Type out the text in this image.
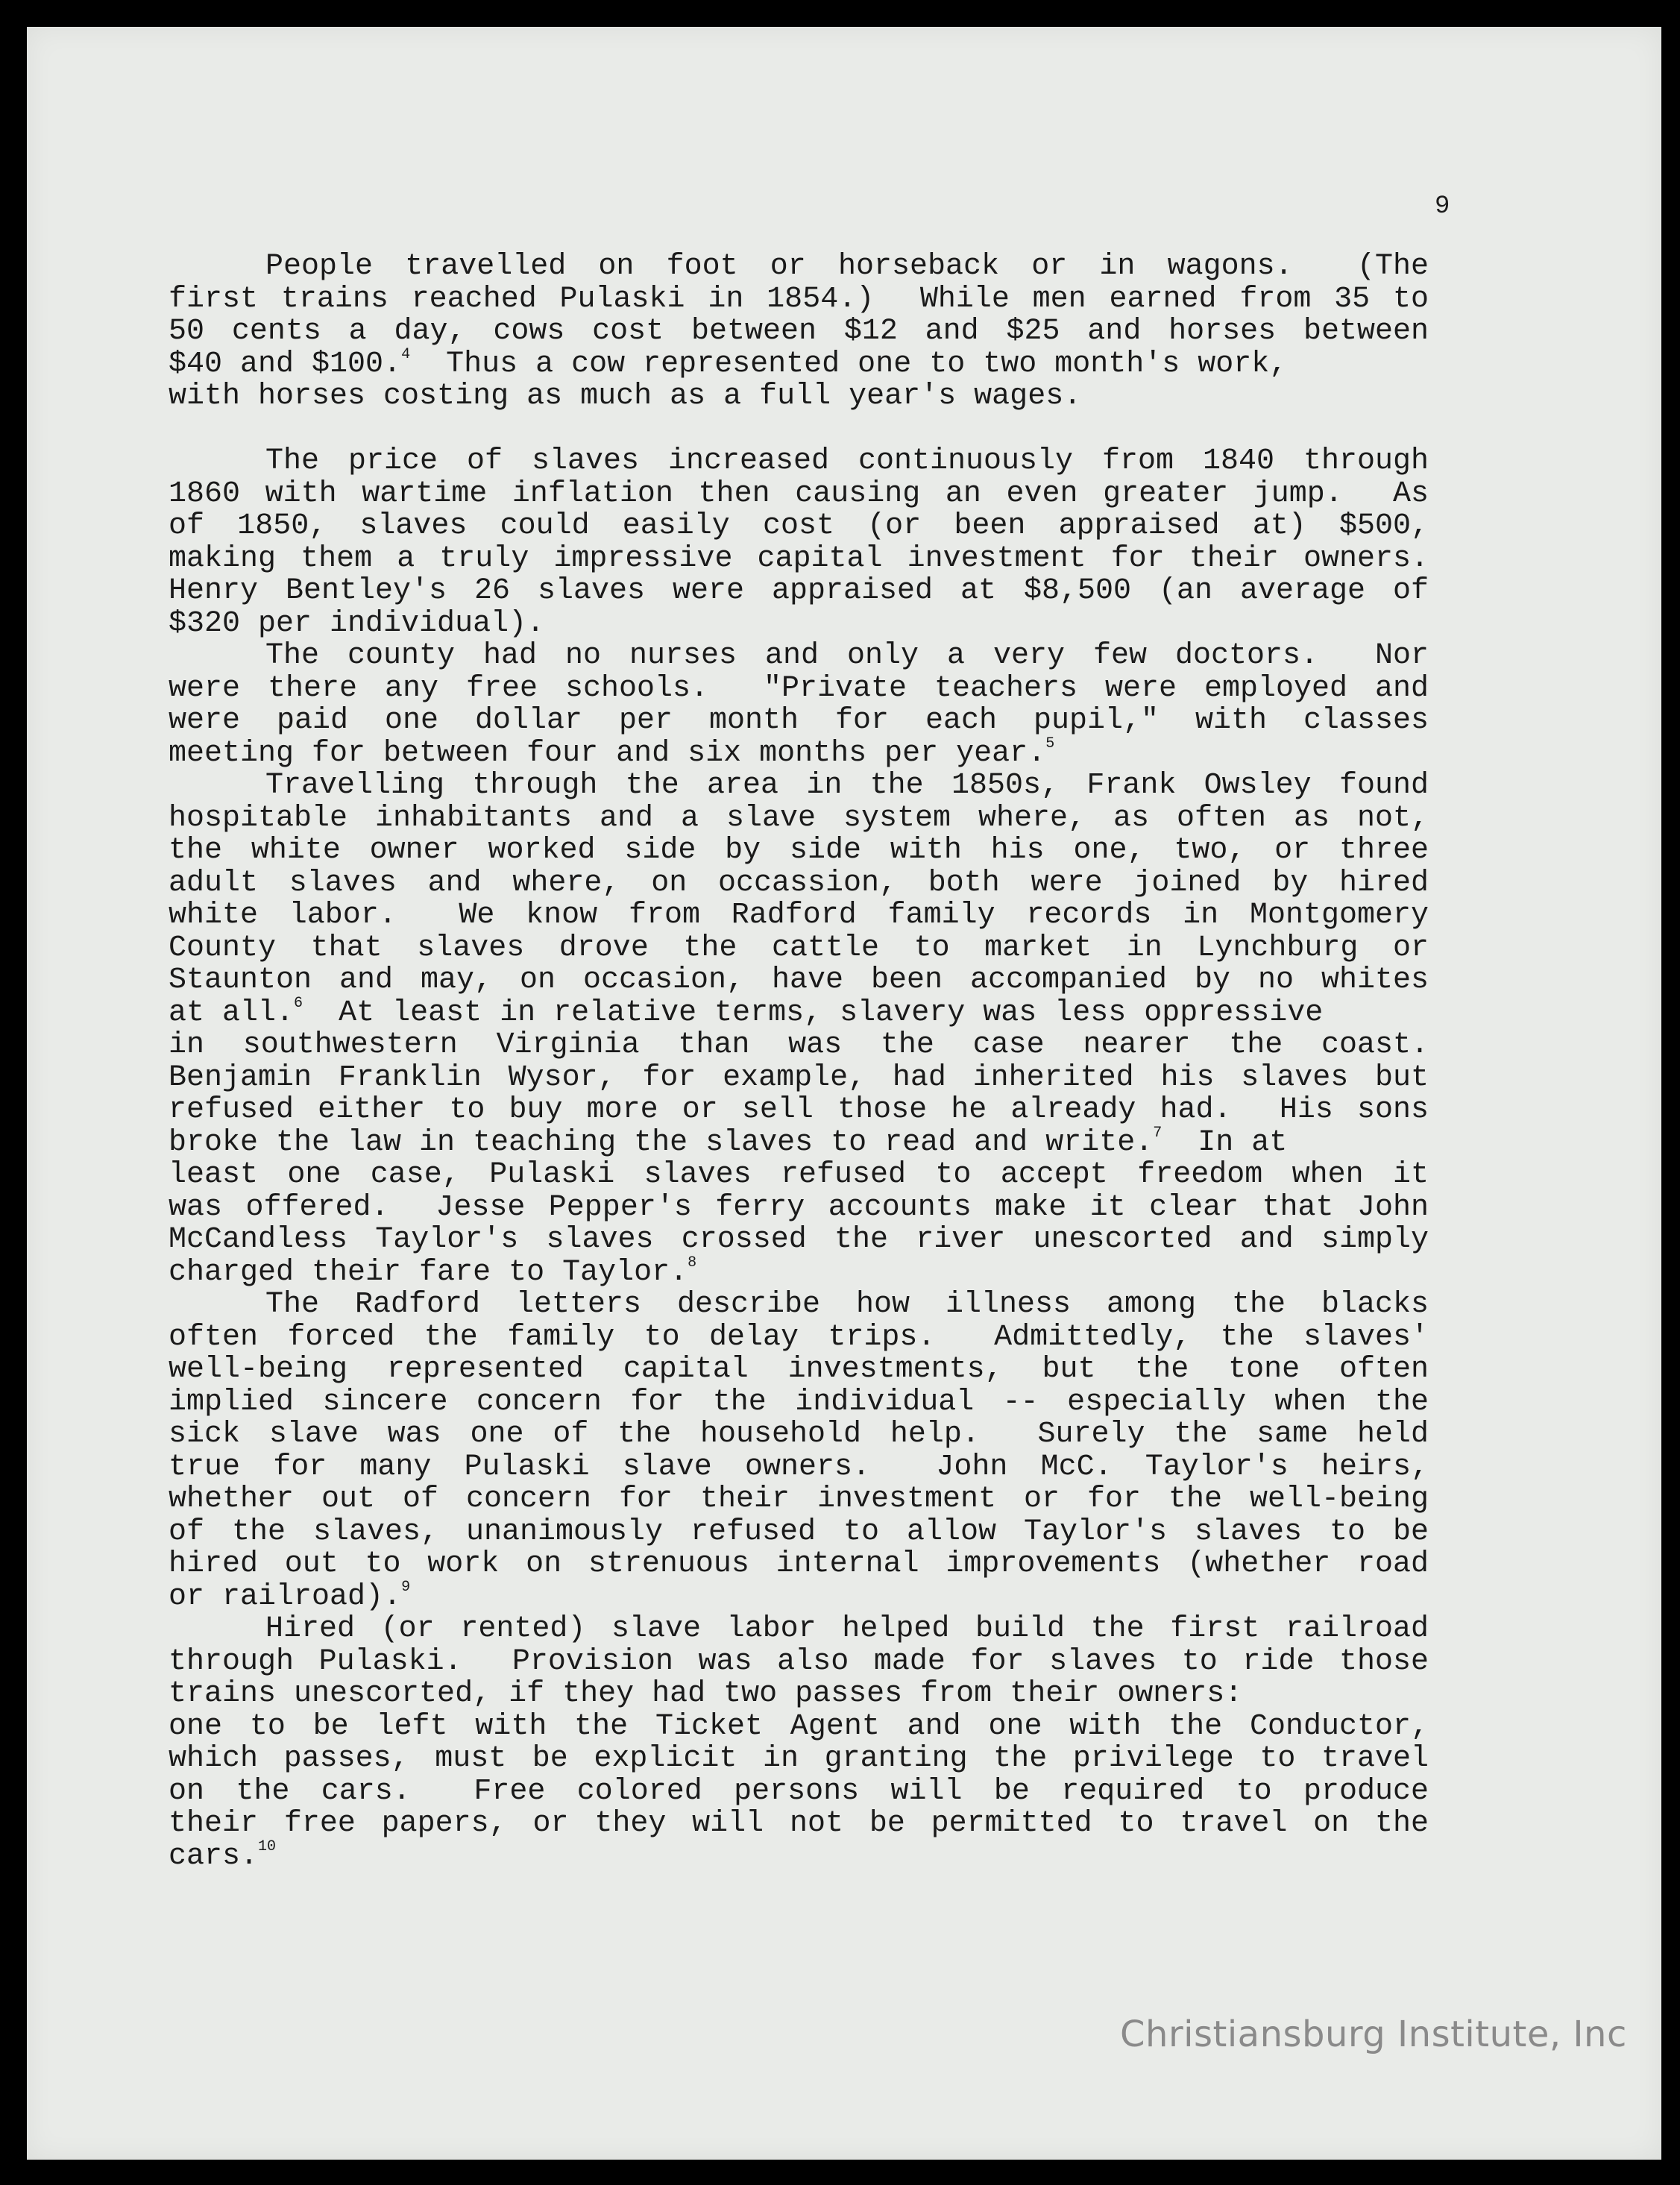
9
People travelled on foot or horseback or in wagons.  (The
first trains reached Pulaski in 1854.)  While men earned from 35 to
50 cents a day, cows cost between $12 and $25 and horses between
$40 and $100.$^4$ Thus a cow represented one to two month's work,
with horses costing as much as a full year's wages.
The price of slaves increased continuously from 1840 through
1860 with wartime inflation then causing an even greater jump.  As
of 1850, slaves could easily cost (or been appraised at) $500,
making them a truly impressive capital investment for their owners.
Henry Bentley's 26 slaves were appraised at $8,500 (an average of
$320 per individual).
The county had no nurses and only a very few doctors.  Nor
were there any free schools.  "Private teachers were employed and
were paid one dollar per month for each pupil," with classes
meeting for between four and six months per year.$^5$
Travelling through the area in the 1850s, Frank Owsley found
hospitable inhabitants and a slave system where, as often as not,
the white owner worked side by side with his one, two, or three
adult slaves and where, on occassion, both were joined by hired
white labor.  We know from Radford family records in Montgomery
County that slaves drove the cattle to market in Lynchburg or
Staunton and may, on occasion, have been accompanied by no whites
at all.$^6$ At least in relative terms, slavery was less oppressive
in southwestern Virginia than was the case nearer the coast.
Benjamin Franklin Wysor, for example, had inherited his slaves but
refused either to buy more or sell those he already had.  His sons
broke the law in teaching the slaves to read and write.$^7$ In at
least one case, Pulaski slaves refused to accept freedom when it
was offered.  Jesse Pepper's ferry accounts make it clear that John
McCandless Taylor's slaves crossed the river unescorted and simply
charged their fare to Taylor.$^8$
The Radford letters describe how illness among the blacks
often forced the family to delay trips.  Admittedly, the slaves'
well-being represented capital investments, but the tone often
implied sincere concern for the individual -- especially when the
sick slave was one of the household help.  Surely the same held
true for many Pulaski slave owners.  John McC. Taylor's heirs,
whether out of concern for their investment or for the well-being
of the slaves, unanimously refused to allow Taylor's slaves to be
hired out to work on strenuous internal improvements (whether road
or railroad).$^9$
Hired (or rented) slave labor helped build the first railroad
through Pulaski.  Provision was also made for slaves to ride those
trains unescorted, if they had two passes from their owners:
one to be left with the Ticket Agent and one with the Conductor,
which passes, must be explicit in granting the privilege to travel
on the cars.  Free colored persons will be required to produce
their free papers, or they will not be permitted to travel on the
cars.$^{10}$
Christiansburg Institute, Inc
